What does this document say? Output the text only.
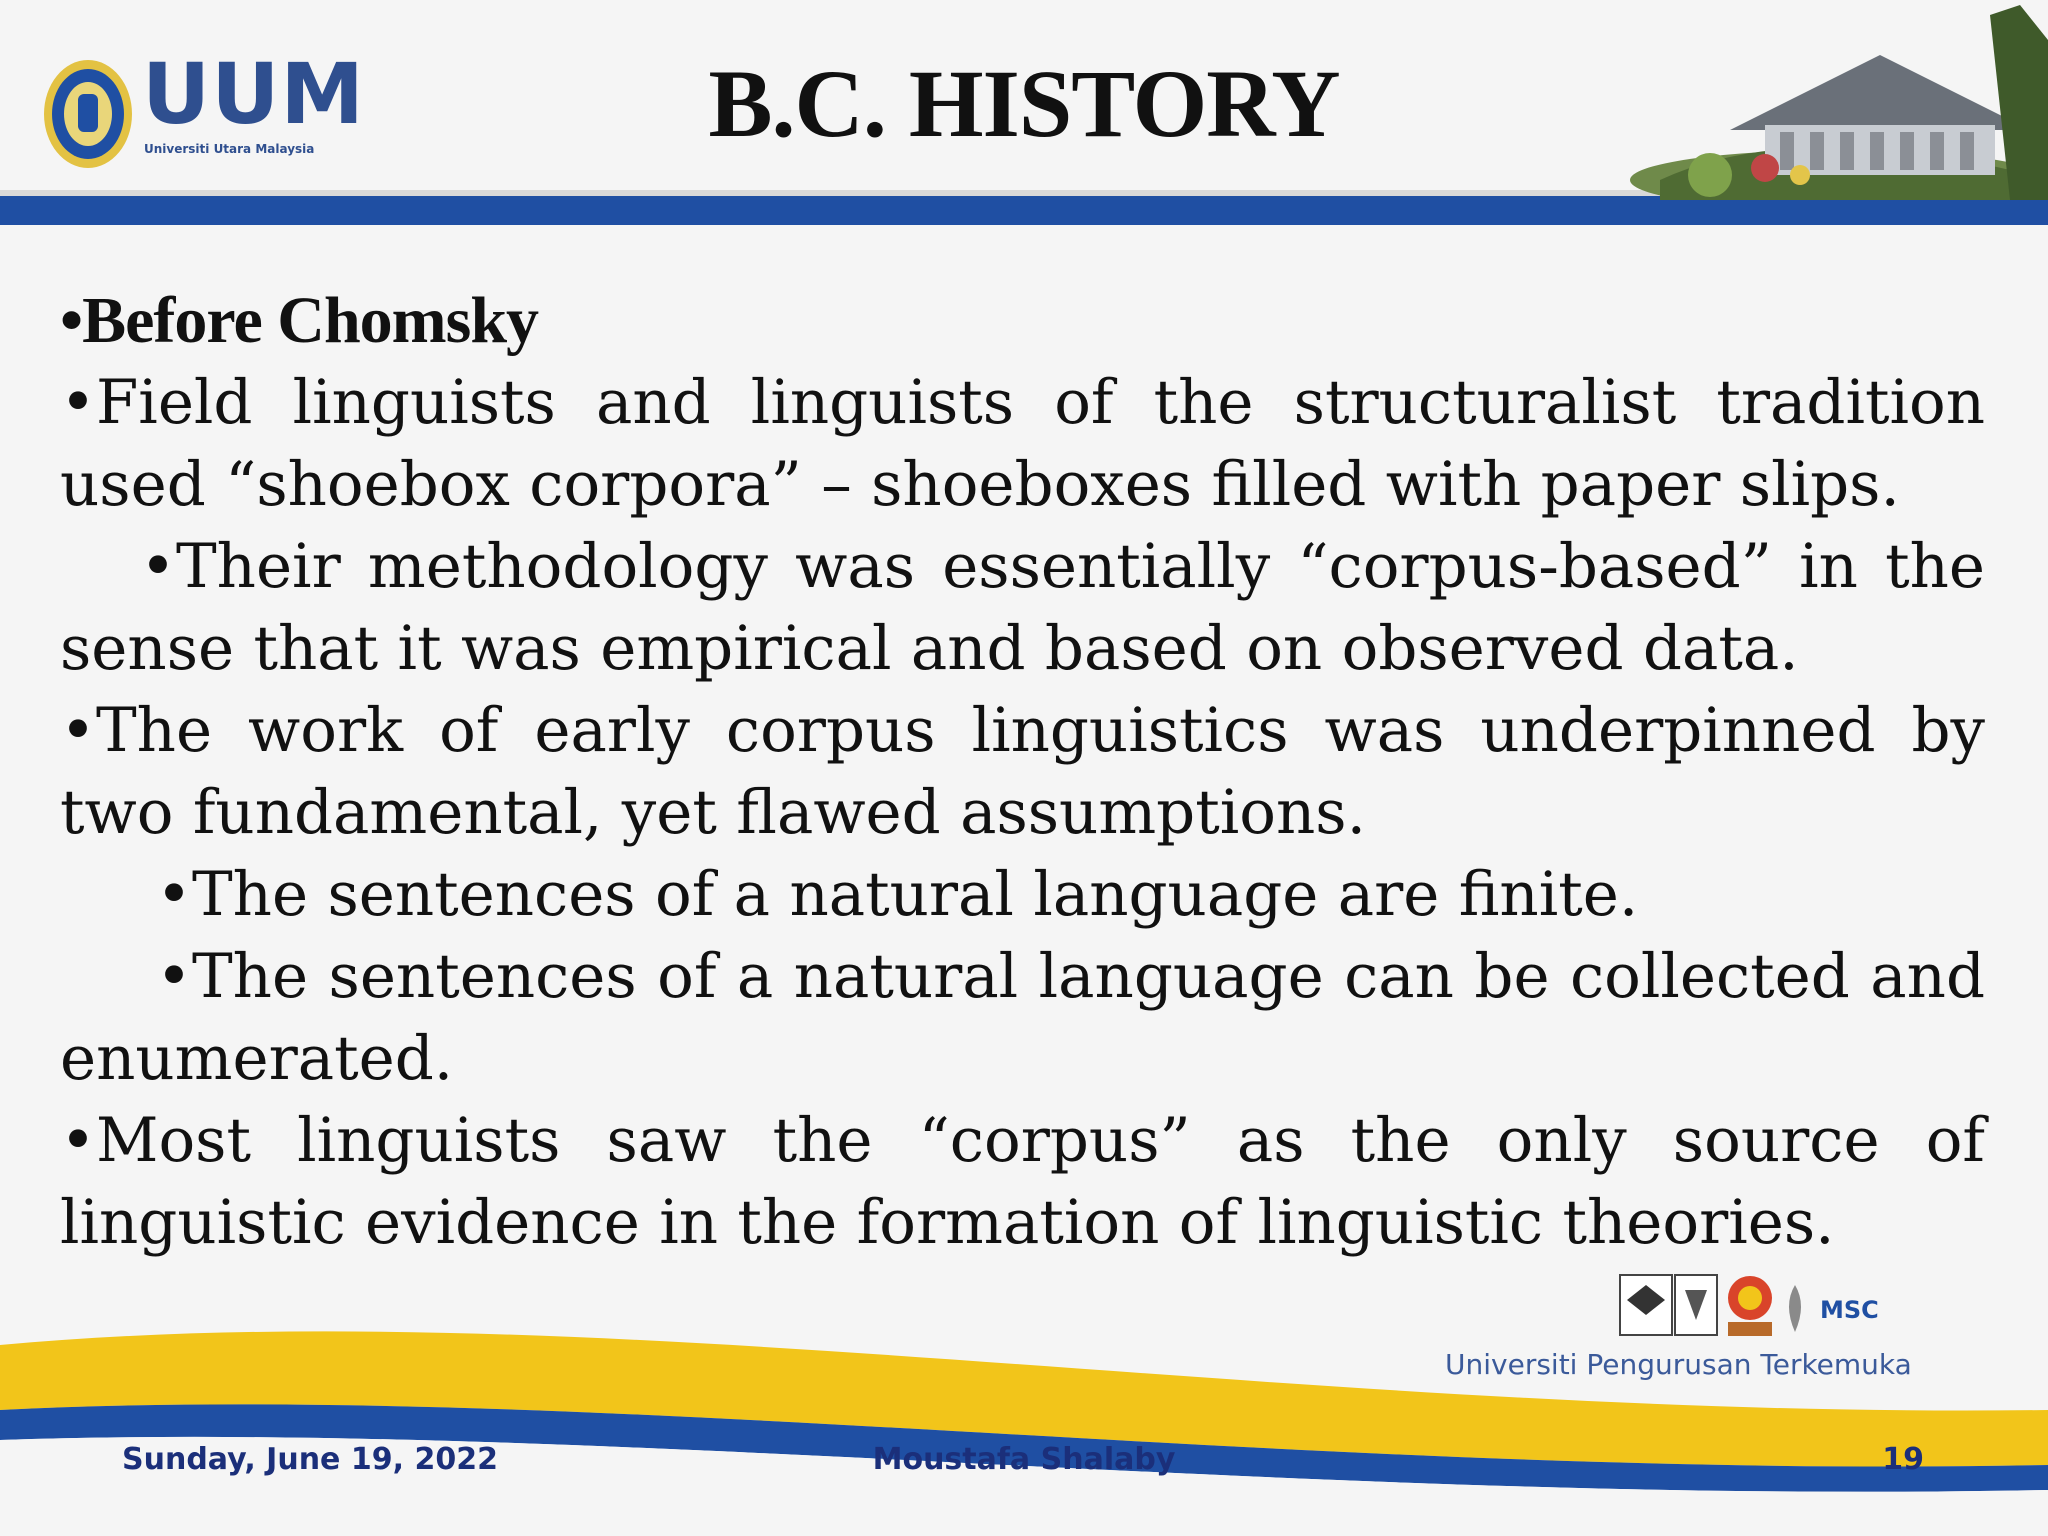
UUM
Universiti Utara Malaysia	B.C. HISTORY

•Before Chomsky

•Field linguists and linguists of the structuralist tradition used “shoebox corpora” – shoeboxes filled with paper slips.

•Their methodology was essentially “corpus-based” in the sense that it was empirical and based on observed data.

•The work of early corpus linguistics was underpinned by two fundamental, yet flawed assumptions.

•The sentences of a natural language are finite.

•The sentences of a natural language can be collected and enumerated.

•Most linguists saw the “corpus” as the only source of linguistic evidence in the formation of linguistic theories.

MSC
Universiti Pengurusan Terkemuka
Sunday, June 19, 2022	Moustafa Shalaby	19
